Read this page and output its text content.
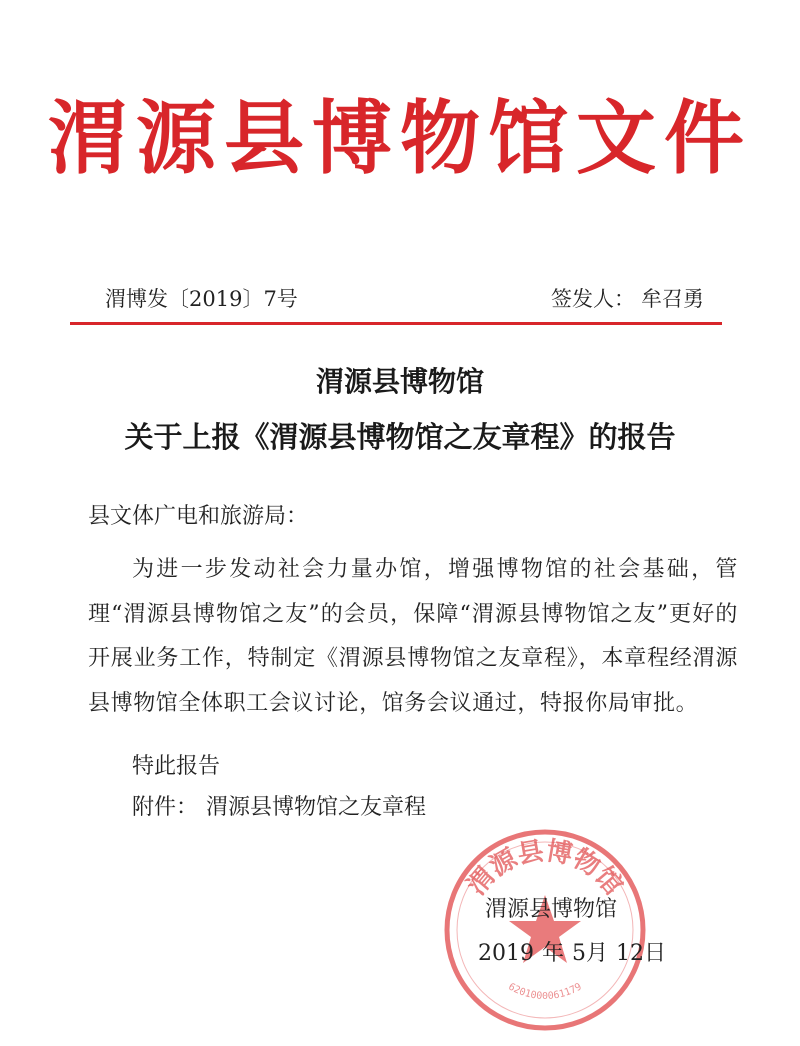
渭源县博物馆文件
渭博发〔2019〕7号	签发人： 牟召勇
渭源县博物馆
关于上报《渭源县博物馆之友章程》的报告
县文体广电和旅游局：
为进一步发动社会力量办馆，增强博物馆的社会基础，管理“渭源县博物馆之友”的会员，保障“渭源县博物馆之友”更好的开展业务工作，特制定《渭源县博物馆之友章程》，本章程经渭源县博物馆全体职工会议讨论，馆务会议通过，特报你局审批。
特此报告
附件： 渭源县博物馆之友章程
渭源县博物馆
6201000061179
渭源县博物馆
2019 年 5月 12日
